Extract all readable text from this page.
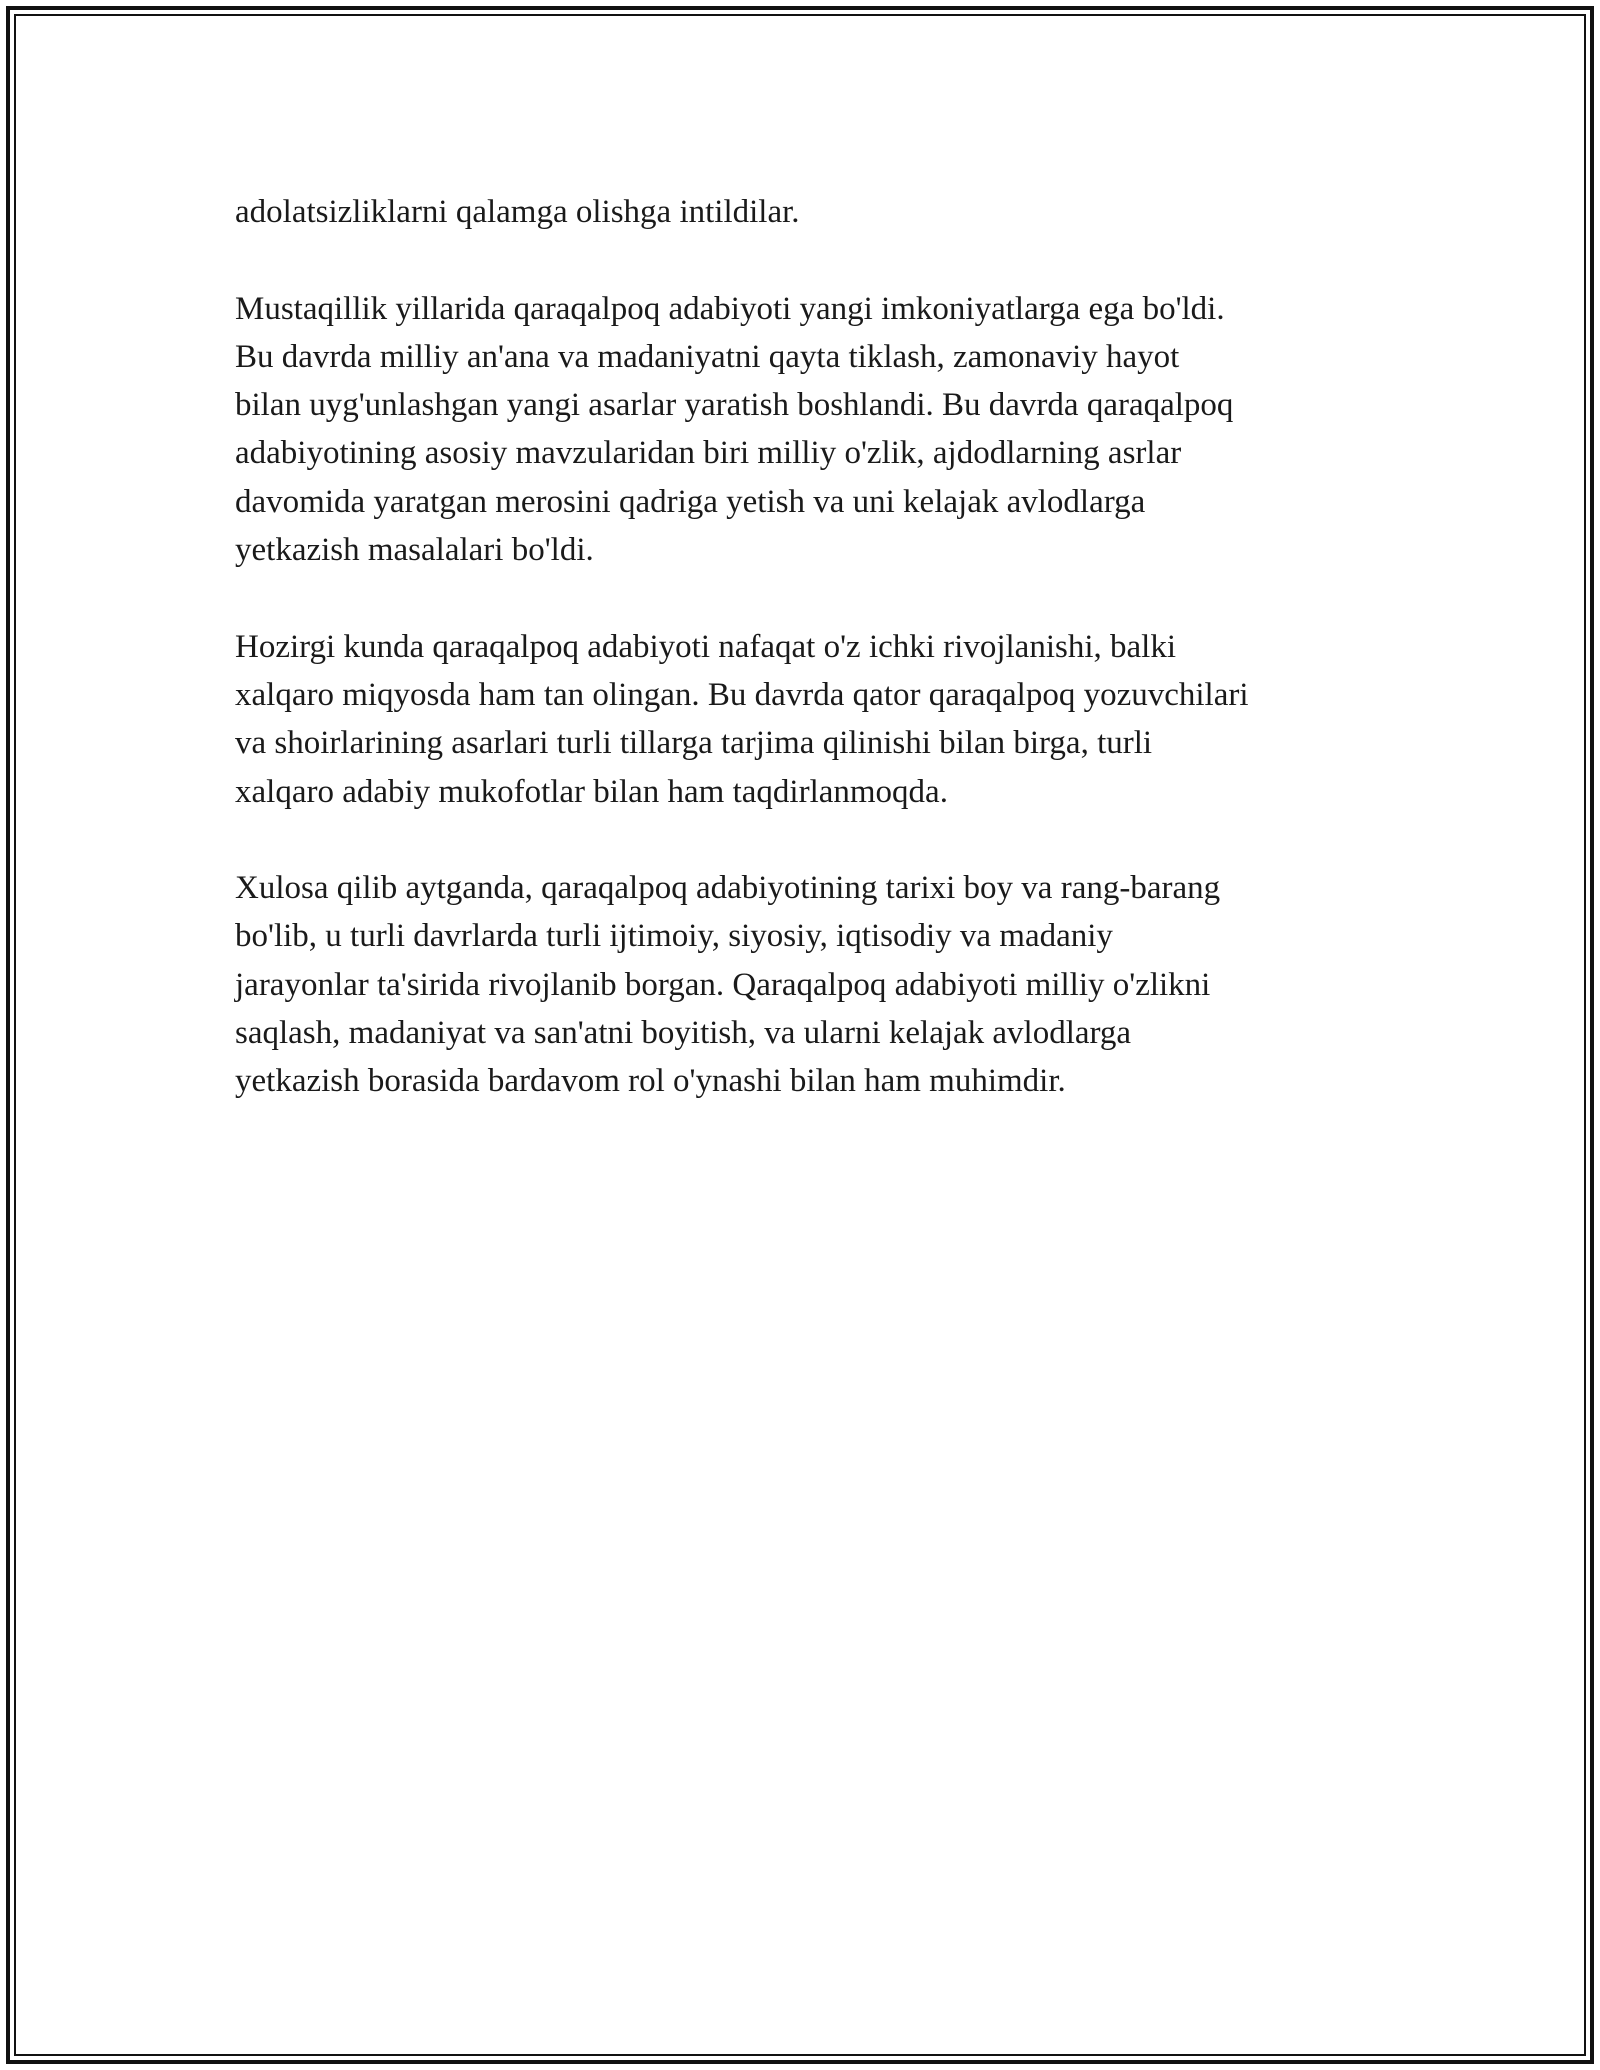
adolatsizliklarni qalamga olishga intildilar.

Mustaqillik yillarida qaraqalpoq adabiyoti yangi imkoniyatlarga ega bo'ldi.
Bu davrda milliy an'ana va madaniyatni qayta tiklash, zamonaviy hayot
bilan uyg'unlashgan yangi asarlar yaratish boshlandi. Bu davrda qaraqalpoq
adabiyotining asosiy mavzularidan biri milliy o'zlik, ajdodlarning asrlar
davomida yaratgan merosini qadriga yetish va uni kelajak avlodlarga
yetkazish masalalari bo'ldi.

Hozirgi kunda qaraqalpoq adabiyoti nafaqat o'z ichki rivojlanishi, balki
xalqaro miqyosda ham tan olingan. Bu davrda qator qaraqalpoq yozuvchilari
va shoirlarining asarlari turli tillarga tarjima qilinishi bilan birga, turli
xalqaro adabiy mukofotlar bilan ham taqdirlanmoqda.

Xulosa qilib aytganda, qaraqalpoq adabiyotining tarixi boy va rang-barang
bo'lib, u turli davrlarda turli ijtimoiy, siyosiy, iqtisodiy va madaniy
jarayonlar ta'sirida rivojlanib borgan. Qaraqalpoq adabiyoti milliy o'zlikni
saqlash, madaniyat va san'atni boyitish, va ularni kelajak avlodlarga
yetkazish borasida bardavom rol o'ynashi bilan ham muhimdir.
